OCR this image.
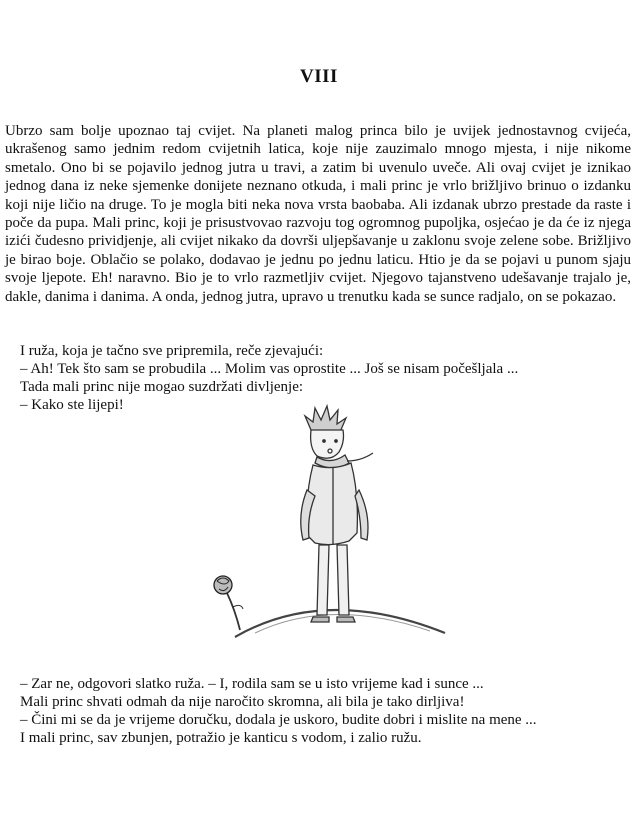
VIII

Ubrzo sam bolje upoznao taj cvijet. Na planeti malog princa bilo je uvijek jednostavnog cvijeća, ukrašenog samo jednim redom cvijetnih latica, koje nije zauzimalo mnogo mjesta, i nije nikome smetalo. Ono bi se pojavilo jednog jutra u travi, a zatim bi uvenulo uveče. Ali ovaj cvijet je iznikao jednog dana iz neke sjemenke donijete neznano otkuda, i mali princ je vrlo brižljivo brinuo o izdanku koji nije ličio na druge. To je mogla biti neka nova vrsta baobaba. Ali izdanak ubrzo prestade da raste i poče da pupa. Mali princ, koji je prisustvovao razvoju tog ogromnog pupoljka, osjećao je da će iz njega izići čudesno prividjenje, ali cvijet nikako da dovrši uljepšavanje u zaklonu svoje zelene sobe. Brižljivo je birao boje. Oblačio se polako, dodavao je jednu po jednu laticu. Htio je da se pojavi u punom sjaju svoje ljepote. Eh! naravno. Bio je to vrlo razmetljiv cvijet. Njegovo tajanstveno udešavanje trajalo je, dakle, danima i danima. A onda, jednog jutra, upravo u trenutku kada se sunce radjalo, on se pokazao.

I ruža, koja je tačno sve pripremila, reče zjevajući:

– Ah! Tek što sam se probudila ... Molim vas oprostite ... Još se nisam počešljala ...

Tada mali princ nije mogao suzdržati divljenje:

– Kako ste lijepi!

– Zar ne, odgovori slatko ruža. – I, rodila sam se u isto vrijeme kad i sunce ...

Mali princ shvati odmah da nije naročito skromna, ali bila je tako dirljiva!

– Čini mi se da je vrijeme doručku, dodala je uskoro, budite dobri i mislite na mene ...

I mali princ, sav zbunjen, potražio je kanticu s vodom, i zalio ružu.
